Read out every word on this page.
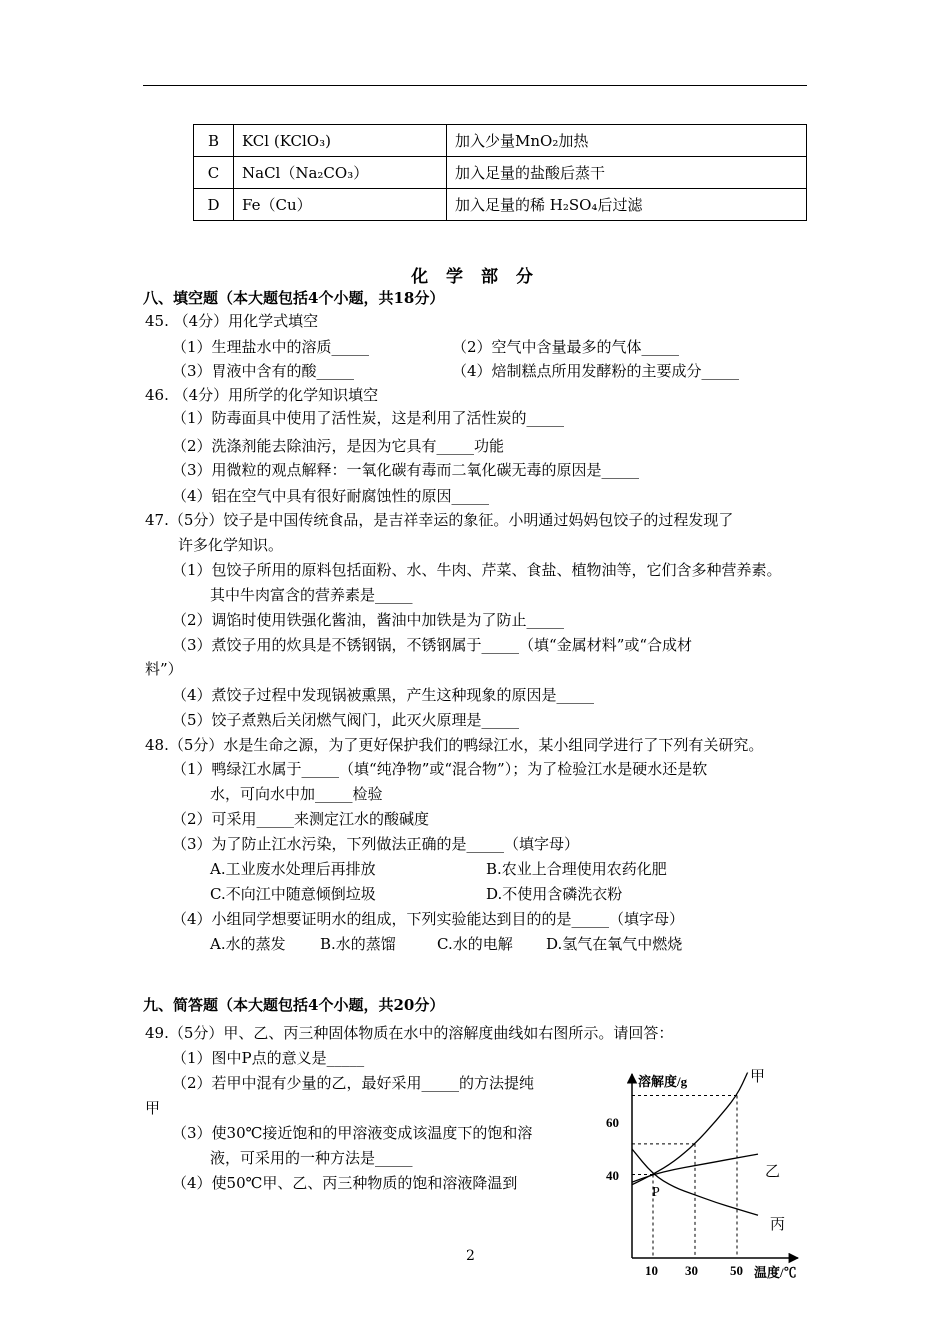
B	KCl (KClO₃)	加入少量MnO₂加热
C	NaCl（Na₂CO₃）	加入足量的盐酸后蒸干
D	Fe（Cu）	加入足量的稀 H₂SO₄后过滤
化 学 部 分
八、填空题（本大题包括4个小题，共18分）
45. （4分）用化学式填空
（1）生理盐水中的溶质_____	（2）空气中含量最多的气体_____
（3）胃液中含有的酸_____	（4）焙制糕点所用发酵粉的主要成分_____
46. （4分）用所学的化学知识填空
（1）防毒面具中使用了活性炭，这是利用了活性炭的_____
（2）洗涤剂能去除油污，是因为它具有_____功能
（3）用微粒的观点解释：一氧化碳有毒而二氧化碳无毒的原因是_____
（4）铝在空气中具有很好耐腐蚀性的原因_____
47.（5分）饺子是中国传统食品，是吉祥幸运的象征。小明通过妈妈包饺子的过程发现了
许多化学知识。
（1）包饺子所用的原料包括面粉、水、牛肉、芹菜、食盐、植物油等，它们含多种营养素。
其中牛肉富含的营养素是_____
（2）调馅时使用铁强化酱油，酱油中加铁是为了防止_____
（3）煮饺子用的炊具是不锈钢锅，不锈钢属于_____（填“金属材料”或“合成材
料”）
（4）煮饺子过程中发现锅被熏黑，产生这种现象的原因是_____
（5）饺子煮熟后关闭燃气阀门，此灭火原理是_____
48.（5分）水是生命之源，为了更好保护我们的鸭绿江水，某小组同学进行了下列有关研究。
（1）鸭绿江水属于_____（填“纯净物”或“混合物”）；为了检验江水是硬水还是软
水，可向水中加_____检验
（2）可采用_____来测定江水的酸碱度
（3）为了防止江水污染，下列做法正确的是_____（填字母）
A.工业废水处理后再排放	B.农业上合理使用农药化肥
C.不向江中随意倾倒垃圾	D.不使用含磷洗衣粉
（4）小组同学想要证明水的组成，下列实验能达到目的的是_____（填字母）
A.水的蒸发 B.水的蒸馏	C.水的电解 D.氢气在氧气中燃烧
九、简答题（本大题包括4个小题，共20分）
49.（5分）甲、乙、丙三种固体物质在水中的溶解度曲线如右图所示。请回答：
（1）图中P点的意义是_____
（2）若甲中混有少量的乙，最好采用_____的方法提纯
甲
（3）使30℃接近饱和的甲溶液变成该温度下的饱和溶
液，可采用的一种方法是_____
（4）使50℃甲、乙、丙三种物质的饱和溶液降温到
溶解度/g
温度/℃
40
60
10 30 50
P
甲
乙
丙
2
